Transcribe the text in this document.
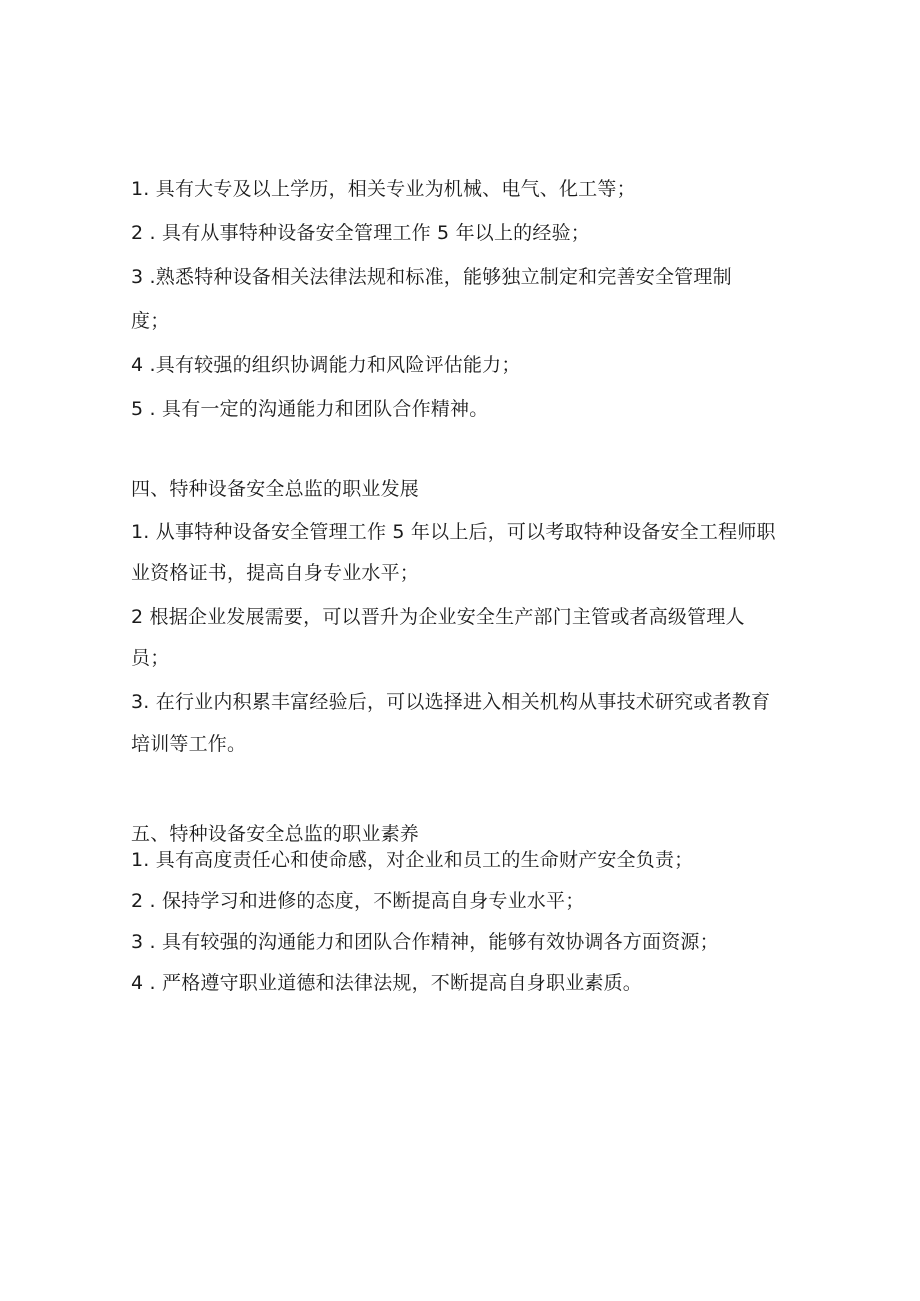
1. 具有大专及以上学历，相关专业为机械、电气、化工等；
2 . 具有从事特种设备安全管理工作 5 年以上的经验；
3 .熟悉特种设备相关法律法规和标准，能够独立制定和完善安全管理制
度；
4 .具有较强的组织协调能力和风险评估能力；
5 . 具有一定的沟通能力和团队合作精神。
四、特种设备安全总监的职业发展
1. 从事特种设备安全管理工作 5 年以上后，可以考取特种设备安全工程师职
业资格证书，提高自身专业水平；
2 根据企业发展需要，可以晋升为企业安全生产部门主管或者高级管理人
员；
3. 在行业内积累丰富经验后，可以选择进入相关机构从事技术研究或者教育
培训等工作。
五、特种设备安全总监的职业素养
1. 具有高度责任心和使命感，对企业和员工的生命财产安全负责；
2 . 保持学习和进修的态度，不断提高自身专业水平；
3 . 具有较强的沟通能力和团队合作精神，能够有效协调各方面资源；
4 . 严格遵守职业道德和法律法规，不断提高自身职业素质。
